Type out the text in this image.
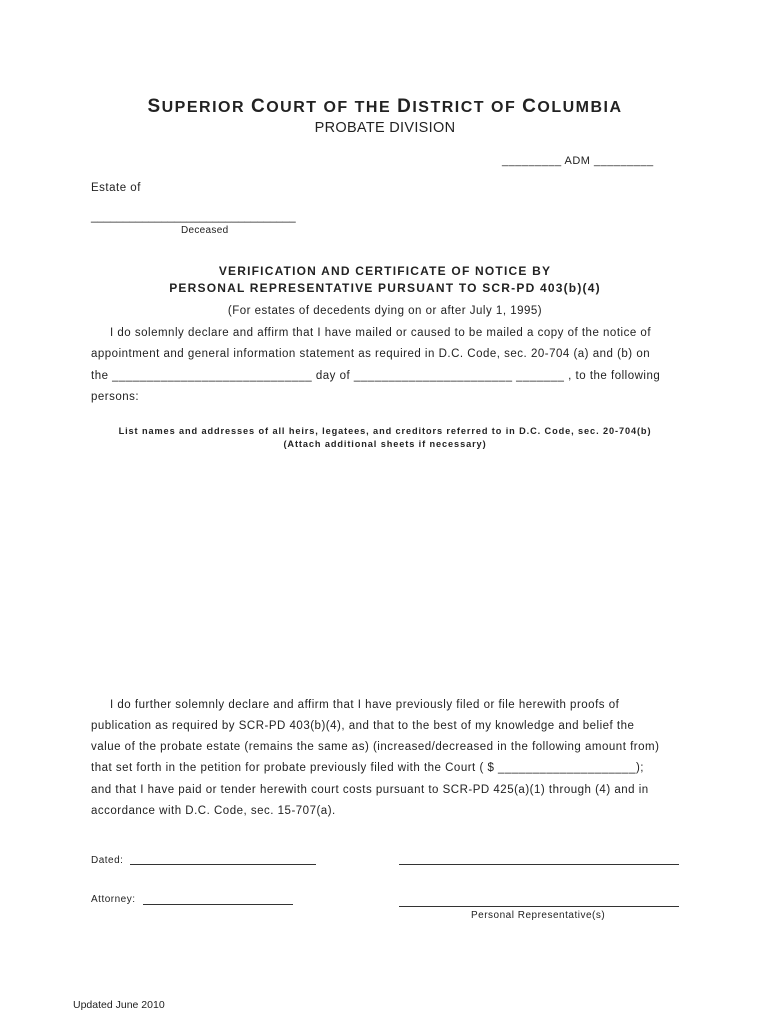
SUPERIOR COURT OF THE DISTRICT OF COLUMBIA
PROBATE DIVISION
_________ ADM _________
Estate of
________________________________
Deceased
VERIFICATION AND CERTIFICATE OF NOTICE BY
PERSONAL REPRESENTATIVE PURSUANT TO SCR-PD 403(b)(4)
(For estates of decedents dying on or after July 1, 1995)
I do solemnly declare and affirm that I have mailed or caused to be mailed a copy of the notice of
appointment and general information statement as required in D.C. Code, sec. 20-704 (a) and (b) on
the _____________________________ day of _______________________ _______ , to the following
persons:
List names and addresses of all heirs, legatees, and creditors referred to in D.C. Code, sec. 20-704(b)
(Attach additional sheets if necessary)
I do further solemnly declare and affirm that I have previously filed or file herewith proofs of
publication as required by SCR-PD 403(b)(4), and that to the best of my knowledge and belief the
value of the probate estate (remains the same as) (increased/decreased in the following amount from)
that set forth in the petition for probate previously filed with the Court ( $ ____________________);
and that I have paid or tender herewith court costs pursuant to SCR-PD 425(a)(1) through (4) and in
accordance with D.C. Code, sec. 15-707(a).
Dated:
Attorney:
Personal Representative(s)
Updated June 2010
